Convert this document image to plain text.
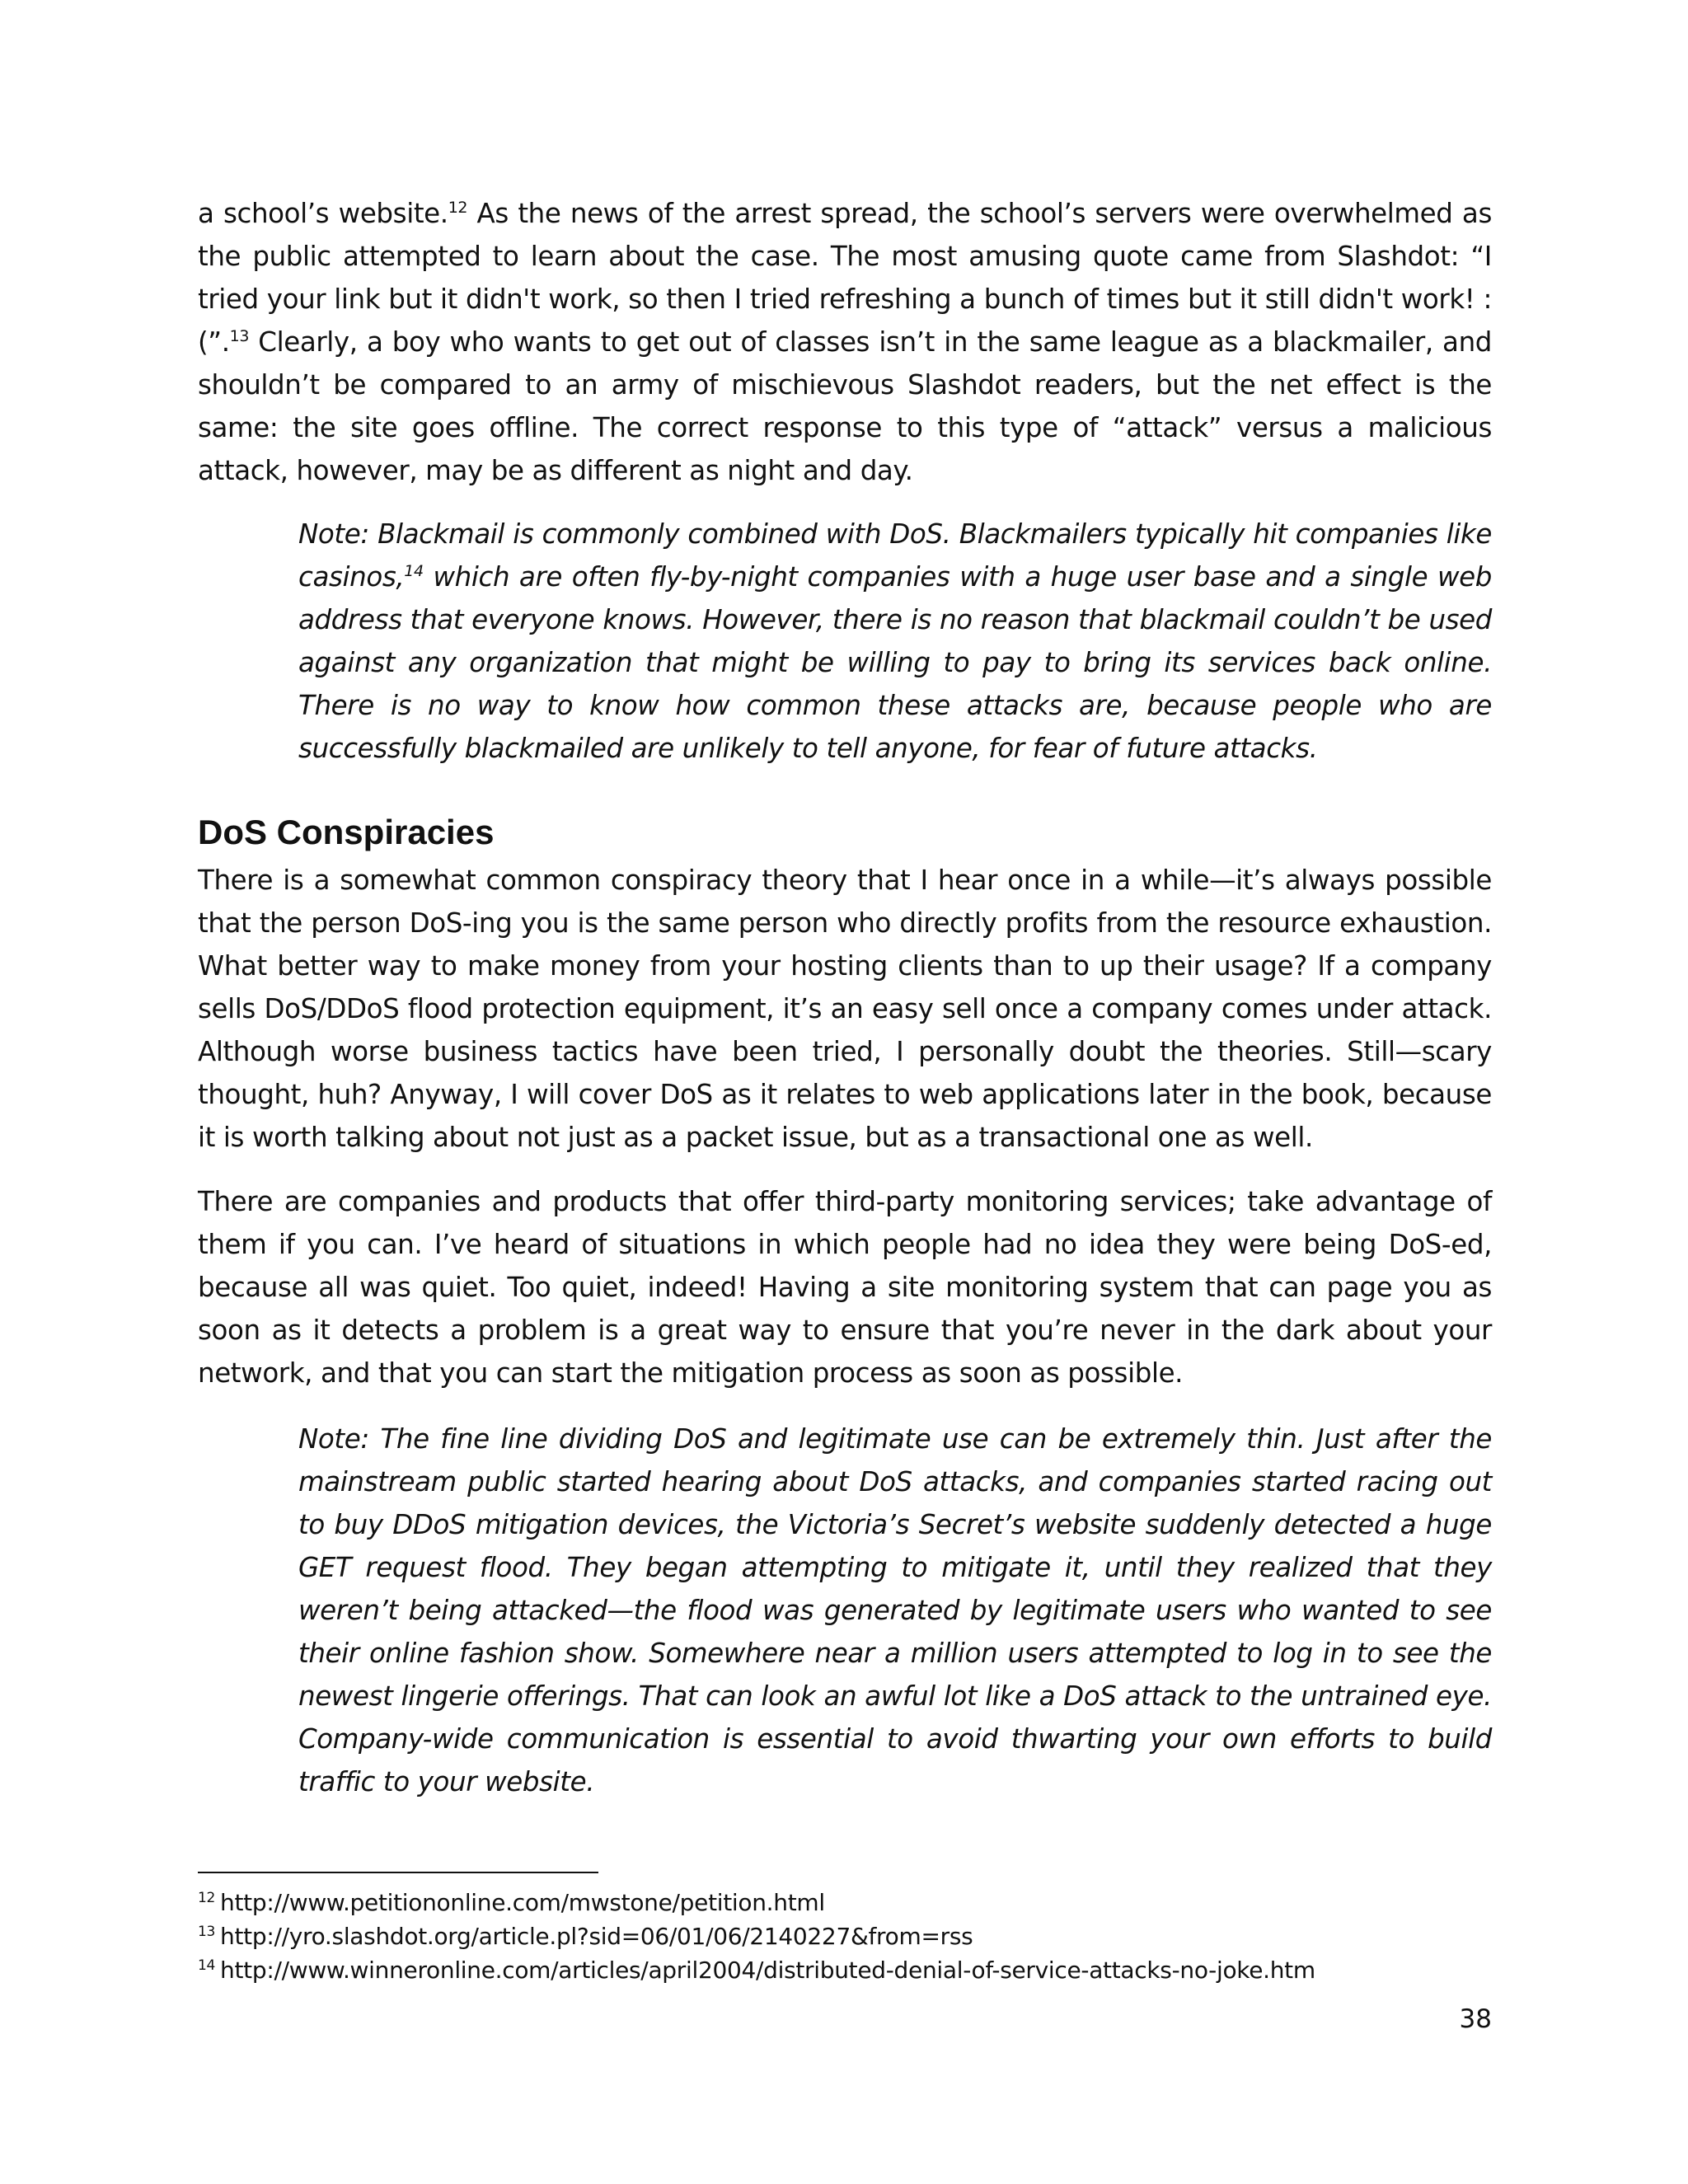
a school’s website.$^{12}$ As the news of the arrest spread, the school’s servers were overwhelmed as the public attempted to learn about the case. The most amusing quote came from Slashdot: “I tried your link but it didn't work, so then I tried refreshing a bunch of times but it still didn't work! :(”.$^{13}$ Clearly, a boy who wants to get out of classes isn’t in the same league as a blackmailer, and shouldn’t be compared to an army of mischievous Slashdot readers, but the net effect is the same: the site goes offline. The correct response to this type of “attack” versus a malicious attack, however, may be as different as night and day.

Note: Blackmail is commonly combined with DoS. Blackmailers typically hit companies like casinos,$^{14}$ which are often fly-by-night companies with a huge user base and a single web address that everyone knows. However, there is no reason that blackmail couldn’t be used against any organization that might be willing to pay to bring its services back online. There is no way to know how common these attacks are, because people who are successfully blackmailed are unlikely to tell anyone, for fear of future attacks.

DoS Conspiracies

There is a somewhat common conspiracy theory that I hear once in a while—it’s always possible that the person DoS-ing you is the same person who directly profits from the resource exhaustion. What better way to make money from your hosting clients than to up their usage? If a company sells DoS/DDoS flood protection equipment, it’s an easy sell once a company comes under attack. Although worse business tactics have been tried, I personally doubt the theories. Still—scary thought, huh? Anyway, I will cover DoS as it relates to web applications later in the book, because it is worth talking about not just as a packet issue, but as a transactional one as well.

There are companies and products that offer third-party monitoring services; take advantage of them if you can. I’ve heard of situations in which people had no idea they were being DoS-ed, because all was quiet. Too quiet, indeed! Having a site monitoring system that can page you as soon as it detects a problem is a great way to ensure that you’re never in the dark about your network, and that you can start the mitigation process as soon as possible.

Note: The fine line dividing DoS and legitimate use can be extremely thin. Just after the mainstream public started hearing about DoS attacks, and companies started racing out to buy DDoS mitigation devices, the Victoria’s Secret’s website suddenly detected a huge GET request flood. They began attempting to mitigate it, until they realized that they weren’t being attacked—the flood was generated by legitimate users who wanted to see their online fashion show. Somewhere near a million users attempted to log in to see the newest lingerie offerings. That can look an awful lot like a DoS attack to the untrained eye. Company-wide communication is essential to avoid thwarting your own efforts to build traffic to your website.

$^{12}$ http://www.petitiononline.com/mwstone/petition.html
$^{13}$ http://yro.slashdot.org/article.pl?sid=06/01/06/2140227&from=rss
$^{14}$ http://www.winneronline.com/articles/april2004/distributed-denial-of-service-attacks-no-joke.htm

38
